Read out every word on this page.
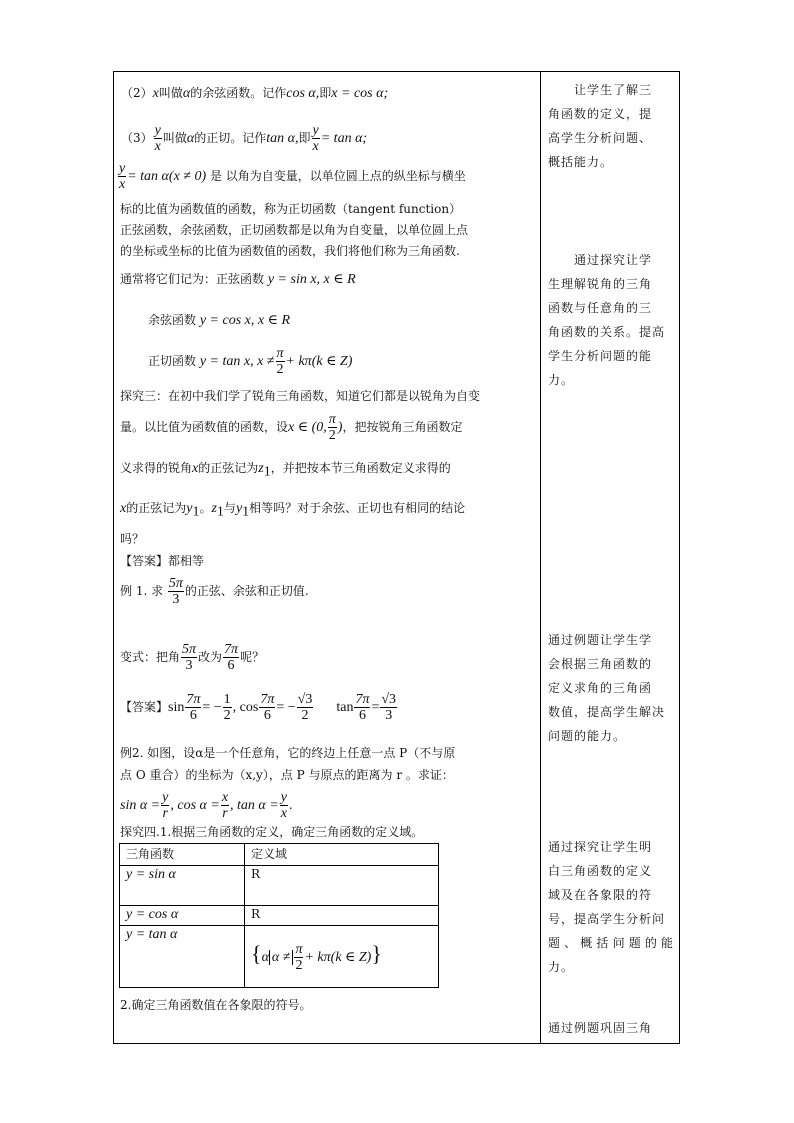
（2）x叫做α的余弦函数。记作cos α,即x = cos α;
$(3) \frac{y}{x}$ 叫做α的正切。记作tan α,即 $\frac{y}{x} = \tan \alpha$;
$\frac{y}{x} = \tan \alpha(x \ne 0)$ 是 以角为自变量，以单位圆上点的纵坐标与横坐
标的比值为函数值的函数，称为正切函数（tangent function）
正弦函数，余弦函数，正切函数都是以角为自变量，以单位圆上点
的坐标或坐标的比值为函数值的函数，我们将他们称为三角函数.
通常将它们记为：正弦函数 y = sin x, x ∈ R
余弦函数 y = cos x, x ∈ R
正切函数 y = tan x, $x \ne \frac{\pi}{2} + k\pi(k$ ∈ Z)
探究三：在初中我们学了锐角三角函数，知道它们都是以锐角为自变
量。以比值为函数值的函数，设x ∈ (0, $\frac{\pi}{2}$ )，把按锐角三角函数定
义求得的锐角x的正弦记为$z_1$，并把按本节三角函数定义求得的
x的正弦记为$y_1$。$z_1$与$y_1$相等吗？对于余弦、正切也有相同的结论
吗？
【答案】都相等
例 1. 求 $\frac{5\pi}{3}$ 的正弦、余弦和正切值.
变式：把角 $\frac{5\pi}{3}$ 改为 $\frac{7\pi}{6}$ 呢？
【答案】$\sin \frac{7\pi}{6}$ = − $\frac{1}{2}$ , $\cos \frac{7\pi}{6}$ = − $\frac{√3}{2}$ $\tan \frac{7\pi}{6} = \frac{√3}{3}$
例2. 如图，设α是一个任意角，它的终边上任意一点 P（不与原
点 O 重合）的坐标为（x,y），点 P 与原点的距离为 r 。求证：
$\sin \alpha = \frac{y}{r}$ , $\cos \alpha = \frac{x}{r}$ , $\tan \alpha = \frac{y}{x}$ .
探究四.1.根据三角函数的定义，确定三角函数的定义域。
三角函数	定义域
y = sin α	R
y = cos α	R
y = tan α	{α $\alpha \ne \frac{\pi}{2} + k\pi(k$ ∈ Z)}
2.确定三角函数值在各象限的符号。
让学生了解三
角函数的定义，提
高学生分析问题、
概括能力。
通过探究让学
生理解锐角的三角
函数与任意角的三
角函数的关系。提高
学生分析问题的能
力。
通过例题让学生学
会根据三角函数的
定义求角的三角函
数值，提高学生解决
问题的能力。
通过探究让学生明
白三角函数的定义
域及在各象限的符
号，提高学生分析问
题、概括问题的能力。
通过例题巩固三角
